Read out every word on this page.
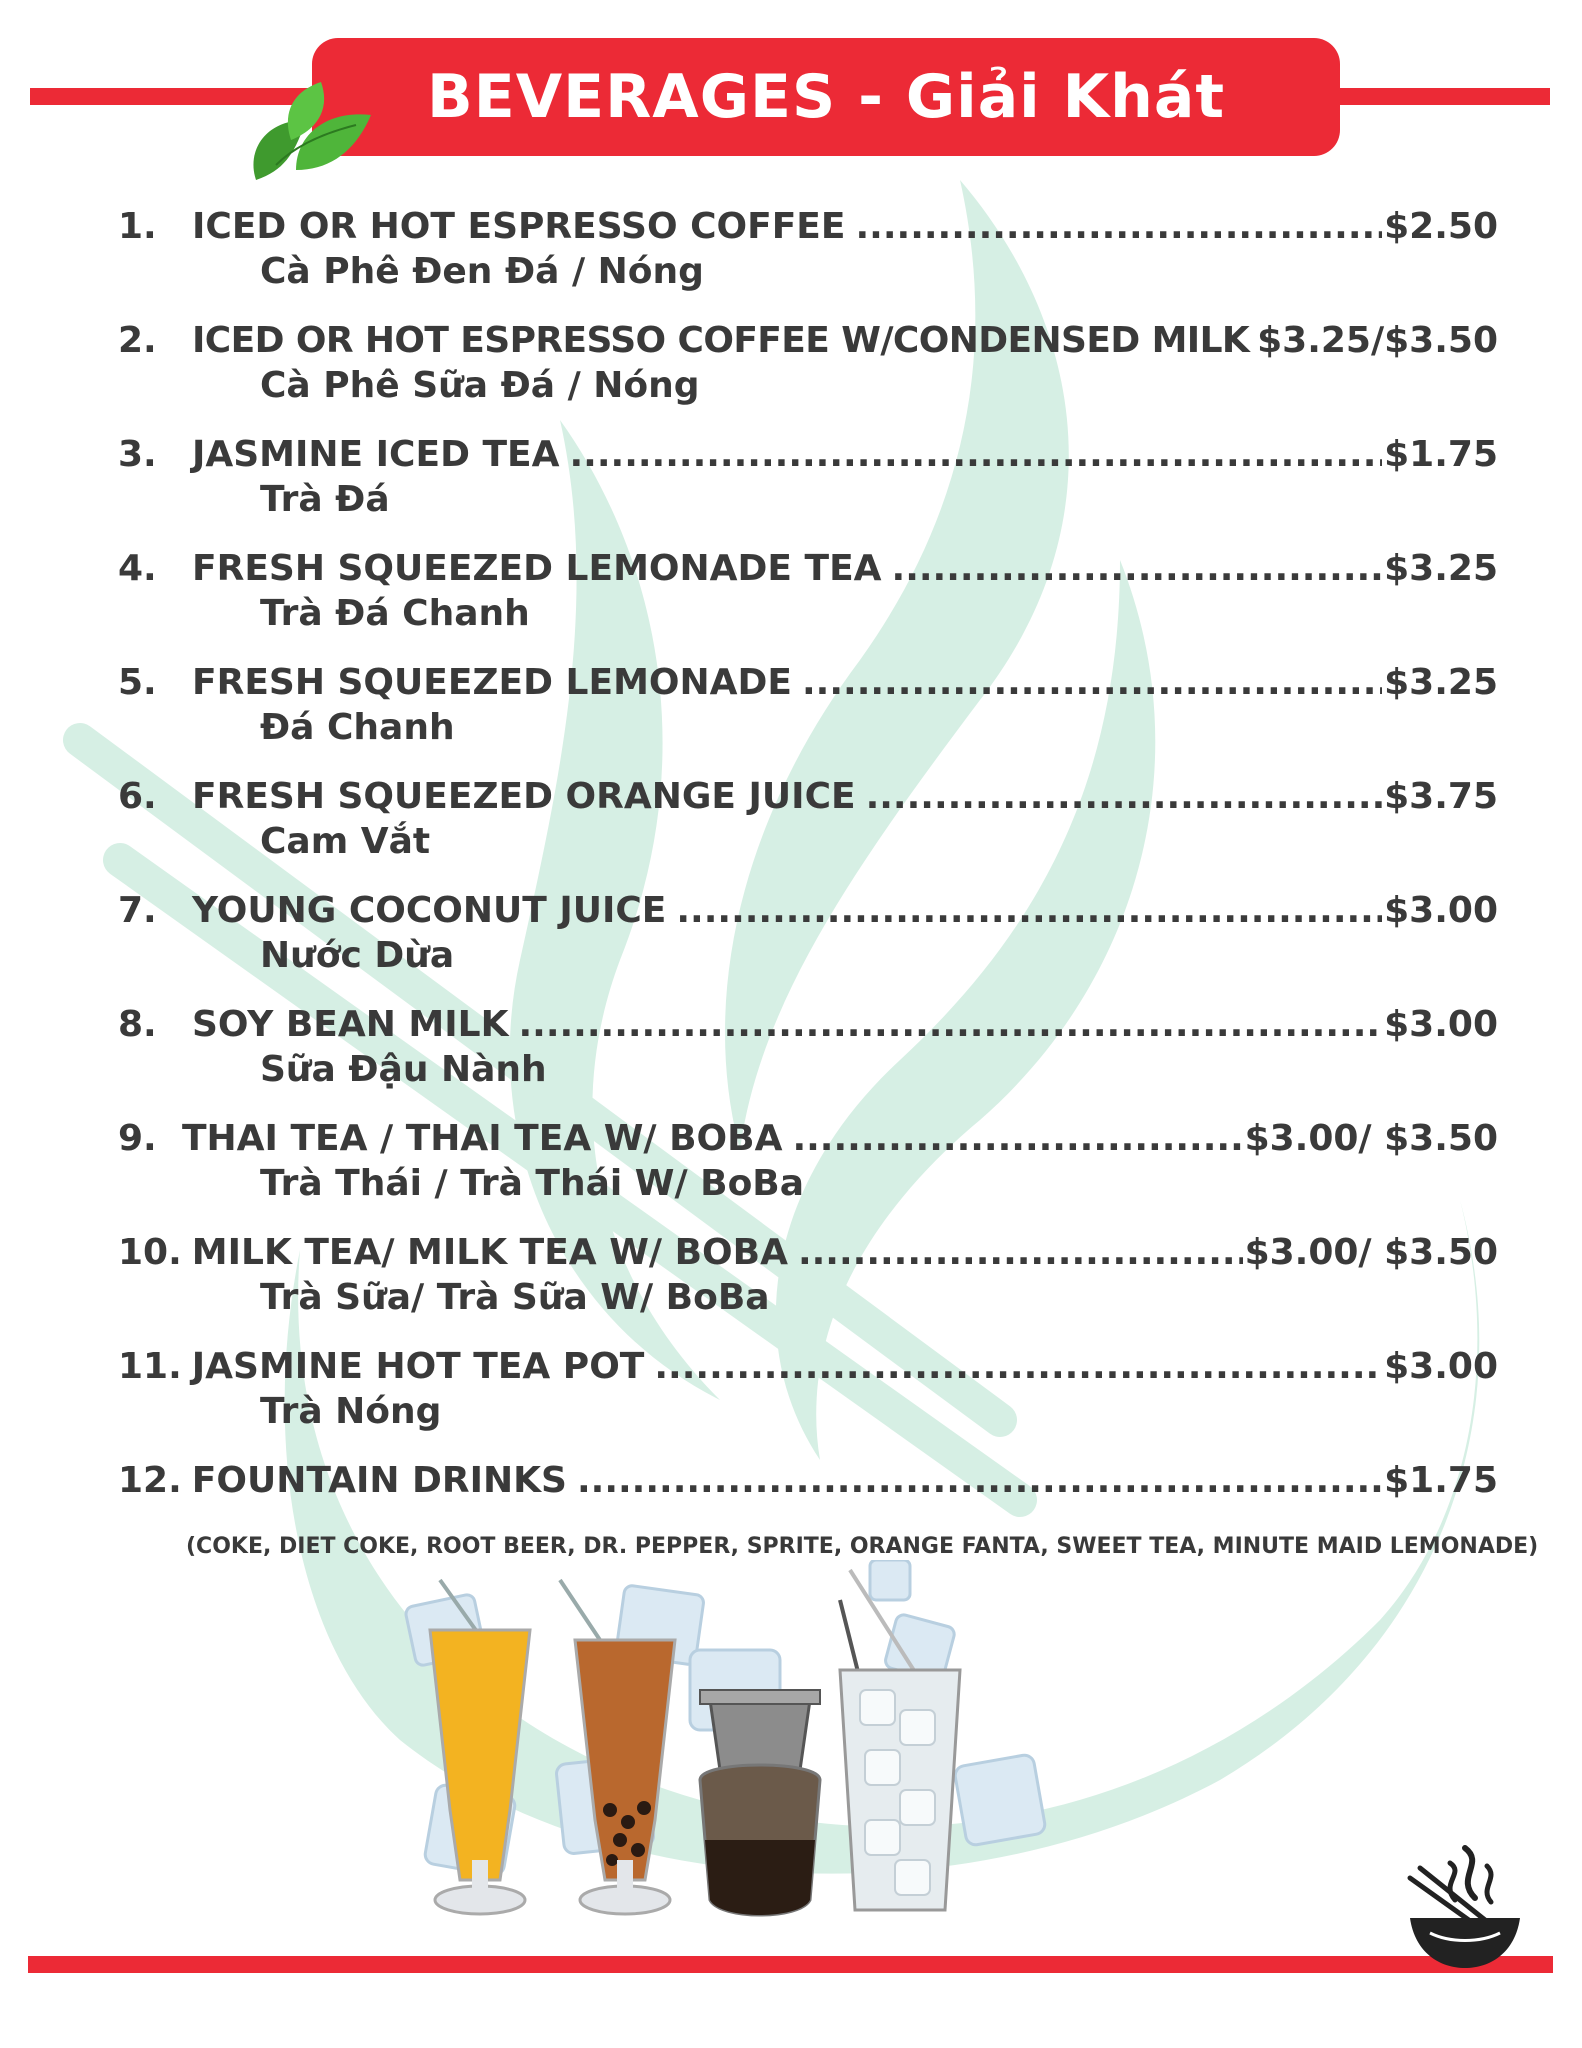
BEVERAGES - Giải Khát
1. ICED OR HOT ESPRESSO COFFEE .....	$2.50
Cà Phê Đen Đá / Nóng
2. ICED OR HOT ESPRESSO COFFEE W/CONDENSED MILK $3.25/$3.50
Cà Phê Sữa Đá / Nóng
3. JASMINE ICED TEA .....	$1.75
Trà Đá
4. FRESH SQUEEZED LEMONADE TEA .....	$3.25
Trà Đá Chanh
5. FRESH SQUEEZED LEMONADE .....	$3.25
Đá Chanh
6. FRESH SQUEEZED ORANGE JUICE .....	$3.75
Cam Vắt
7. YOUNG COCONUT JUICE .....	$3.00
Nước Dừa
8. SOY BEAN MILK .....	$3.00
Sữa Đậu Nành
9. THAI TEA / THAI TEA W/ BOBA .....	$3.00/ $3.50
Trà Thái / Trà Thái W/ BoBa
10. MILK TEA/ MILK TEA W/ BOBA .....	$3.00/ $3.50
Trà Sữa/ Trà Sữa W/ BoBa
11. JASMINE HOT TEA POT .....	$3.00
Trà Nóng
12. FOUNTAIN DRINKS .....	$1.75
(COKE, DIET COKE, ROOT BEER, DR. PEPPER, SPRITE, ORANGE FANTA, SWEET TEA, MINUTE MAID LEMONADE)
